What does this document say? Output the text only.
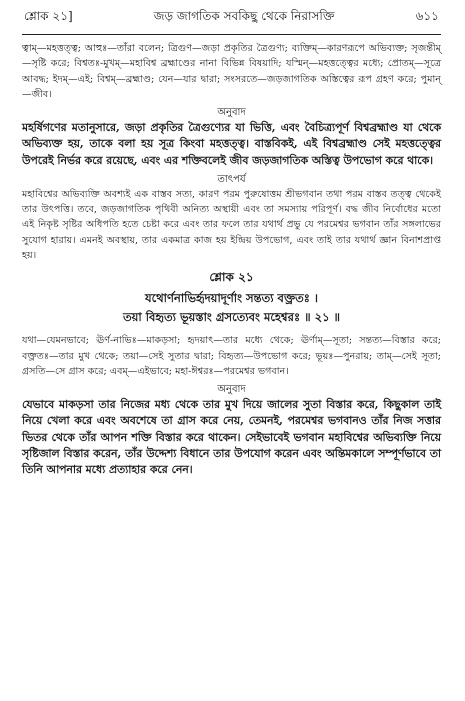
শ্লোক ২১]	জড় জাগতিক সবকিছু থেকে নিরাসক্তি	৬১১
ত্বাম্—মহত্তত্ত্ব; আহুঃ—তাঁরা বলেন; ত্রিগুণ—জড়া প্রকৃতির ত্রৈগুণ্য; ব্যক্তিম্—কারণরূপে অভিব্যক্ত; সৃজন্তীম্—সৃষ্টি করে; বিশ্বতঃ-মুখম্—মহাবিশ্ব ব্রহ্মাণ্ডের নানা বিভিন্ন বিষয়াদি; যস্মিন্—মহত্তত্ত্বের মধ্যে; প্রোতম্—সূত্রে আবদ্ধ; ইদম্—এই; বিশ্বম্—ব্রহ্মাণ্ড; যেন—যার দ্বারা; সংসরতে—জড়জাগতিক অস্তিত্বের রূপ গ্রহণ করে; পুমান্—জীব।
অনুবাদ
মহর্ষিগণের মতানুসারে, জড়া প্রকৃতির ত্রৈগুণ্যের যা ভিত্তি, এবং বৈচিত্র্যপূর্ণ বিশ্বব্রহ্মাণ্ড যা থেকে অভিব্যক্ত হয়, তাকে বলা হয় সূত্র কিংবা মহত্তত্ত্ব। বাস্তবিকই, এই বিশ্বব্রহ্মাণ্ড সেই মহত্তত্ত্বের উপরেই নির্ভর করে রয়েছে, এবং এর শক্তিবলেই জীব জড়জাগতিক অস্তিত্ব উপভোগ করে থাকে।
তাৎপর্য
মহাবিশ্বের অভিব্যক্তি অবশ্যই এক বাস্তব সত্য, কারণ পরম পুরুষোত্তম শ্রীভগবান তথা পরম বাস্তব তত্ত্ব থেকেই তার উৎপত্তি। তবে, জড়জাগতিক পৃথিবী অনিত্য অস্থায়ী এবং তা সমস্যায় পরিপূর্ণ। বদ্ধ জীব নির্বোধের মতো এই নিকৃষ্ট সৃষ্টির অধিপতি হতে চেষ্টা করে এবং তার ফলে তার যথার্থ প্রভু যে পরমেশ্বর ভগবান তাঁর সঙ্গলাভের সুযোগ হারায়। এমনই অবস্থায়, তার একমাত্র কাজ হয় ইন্দ্রিয় উপভোগ, এবং তাই তার যথার্থ জ্ঞান বিনাশপ্রাপ্ত হয়।
শ্লোক ২১
যথোর্ণনাভির্হৃদয়াদূর্ণাং সন্তত্য বক্ত্রতঃ ।
তয়া বিহৃত্য ভূয়স্তাং গ্রসত্যেবং মহেশ্বরঃ ॥ ২১ ॥
যথা—যেমনভাবে; ঊর্ণ-নাভিঃ—মাকড়সা; হৃদয়াৎ—তার মধ্যে থেকে; ঊর্ণাম্—সূতা; সন্তত্য—বিস্তার করে; বক্ত্রতঃ—তার মুখ থেকে; তয়া—সেই সুতার দ্বারা; বিহৃত্য—উপভোগ করে; ভূয়ঃ—পুনরায়; তাম্—সেই সূতা; গ্রসতি—সে গ্রাস করে; এবম্—এইভাবে; মহা-ঈশ্বরঃ—পরমেশ্বর ভগবান।
অনুবাদ
যেভাবে মাকড়সা তার নিজের মধ্য থেকে তার মুখ দিয়ে জালের সুতা বিস্তার করে, কিছুকাল তাই নিয়ে খেলা করে এবং অবশেষে তা গ্রাস করে নেয়, তেমনই, পরমেশ্বর ভগবানও তাঁর নিজ সত্তার ভিতর থেকে তাঁর আপন শক্তি বিস্তার করে থাকেন। সেইভাবেই ভগবান মহাবিশ্বের অভিব্যক্তি নিয়ে সৃষ্টিজাল বিস্তার করেন, তাঁর উদ্দেশ্য বিধানে তার উপযোগ করেন এবং অন্তিমকালে সম্পূর্ণভাবে তা তিনি আপনার মধ্যে প্রত্যাহার করে নেন।
